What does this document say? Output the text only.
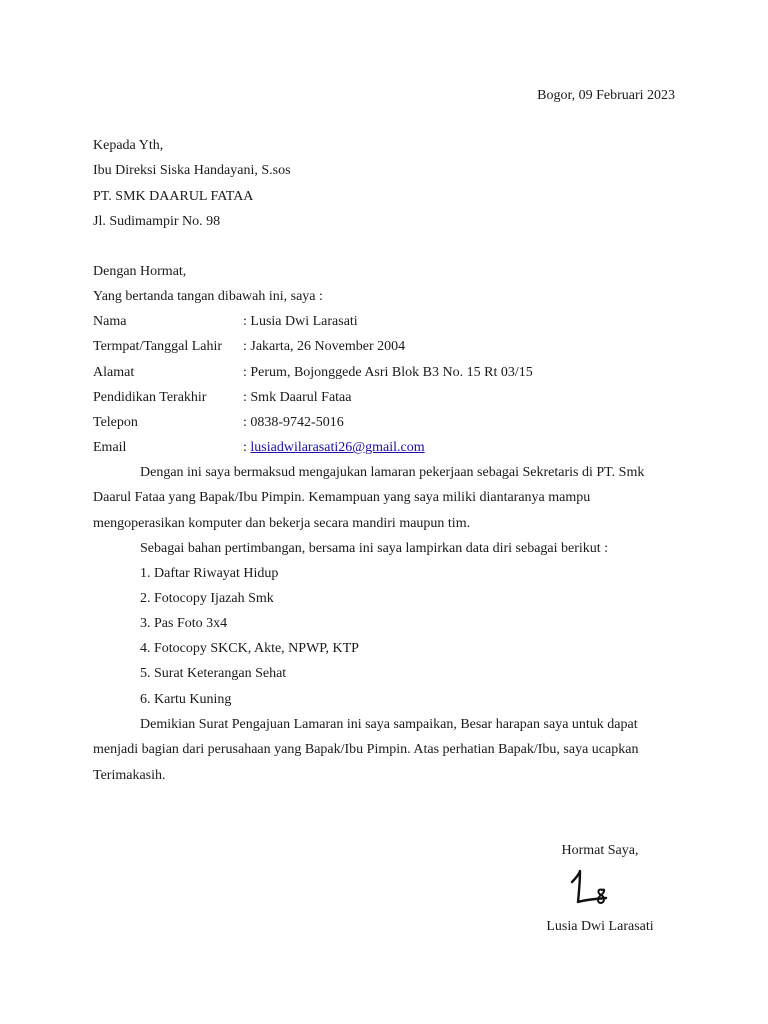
Bogor, 09 Februari 2023
Kepada Yth,
Ibu Direksi Siska Handayani, S.sos
PT. SMK DAARUL FATAA
Jl. Sudimampir No. 98
Dengan Hormat,
Yang bertanda tangan dibawah ini, saya :
Nama	: Lusia Dwi Larasati
Termpat/Tanggal Lahir : Jakarta, 26 November 2004
Alamat	: Perum, Bojonggede Asri Blok B3 No. 15 Rt 03/15
Pendidikan Terakhir	: Smk Daarul Fataa
Telepon	: 0838-9742-5016
Email	: lusiadwilarasati26@gmail.com
Dengan ini saya bermaksud mengajukan lamaran pekerjaan sebagai Sekretaris di PT. Smk Daarul Fataa yang Bapak/Ibu Pimpin. Kemampuan yang saya miliki diantaranya mampu mengoperasikan komputer dan bekerja secara mandiri maupun tim.
Sebagai bahan pertimbangan, bersama ini saya lampirkan data diri sebagai berikut :
1. Daftar Riwayat Hidup
2. Fotocopy Ijazah Smk
3. Pas Foto 3x4
4. Fotocopy SKCK, Akte, NPWP, KTP
5. Surat Keterangan Sehat
6. Kartu Kuning
Demikian Surat Pengajuan Lamaran ini saya sampaikan, Besar harapan saya untuk dapat menjadi bagian dari perusahaan yang Bapak/Ibu Pimpin. Atas perhatian Bapak/Ibu, saya ucapkan Terimakasih.
Hormat Saya,
Lusia Dwi Larasati
